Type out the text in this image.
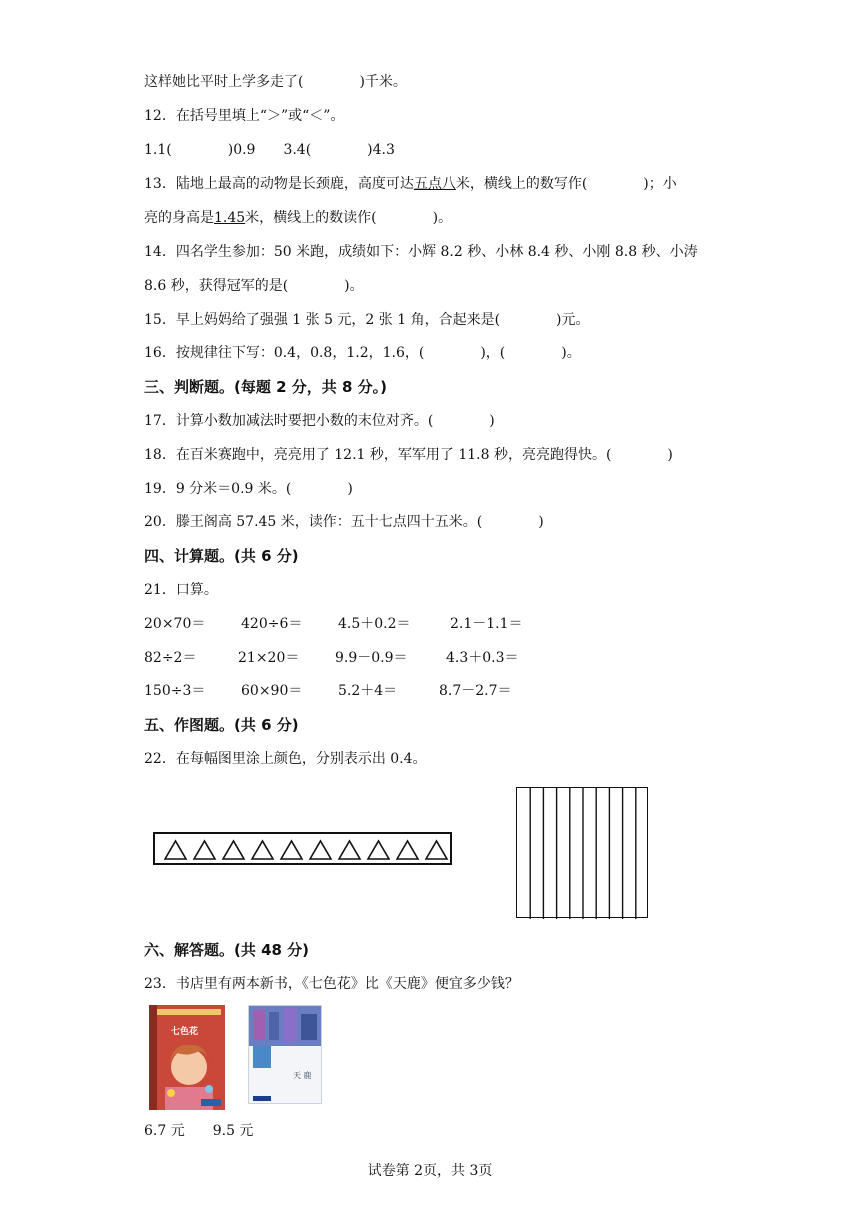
这样她比平时上学多走了(　　　　)千米。
12．在括号里填上“＞”或“＜”。
1.1(　　　　)0.9　　3.4(　　　　)4.3
13．陆地上最高的动物是长颈鹿，高度可达五点八米，横线上的数写作(　　　　)；小
亮的身高是1.45米，横线上的数读作(　　　　)。
14．四名学生参加：50 米跑，成绩如下：小辉 8.2 秒、小林 8.4 秒、小刚 8.8 秒、小涛
8.6 秒，获得冠军的是(　　　　)。
15．早上妈妈给了强强 1 张 5 元，2 张 1 角，合起来是(　　　　)元。
16．按规律往下写：0.4，0.8，1.2，1.6，(　　　　)，(　　　　)。
三、判断题。(每题 2 分，共 8 分。)
17．计算小数加减法时要把小数的末位对齐。(　　　　)
18．在百米赛跑中，亮亮用了 12.1 秒，军军用了 11.8 秒，亮亮跑得快。(　　　　)
19．9 分米＝0.9 米。(　　　　)
20．滕王阁高 57.45 米，读作：五十七点四十五米。(　　　　)
四、计算题。(共 6 分)
21．口算。
20×70＝	420÷6＝	4.5＋0.2＝	2.1－1.1＝
82÷2＝	21×20＝	9.9－0.9＝	4.3＋0.3＝
150÷3＝	60×90＝	5.2＋4＝	8.7－2.7＝
五、作图题。(共 6 分)
22．在每幅图里涂上颜色，分别表示出 0.4。
六、解答题。(共 48 分)
23．书店里有两本新书，《七色花》比《天鹿》便宜多少钱？
七色花
天 鹿
6.7 元　　9.5 元
试卷第 2页，共 3页
